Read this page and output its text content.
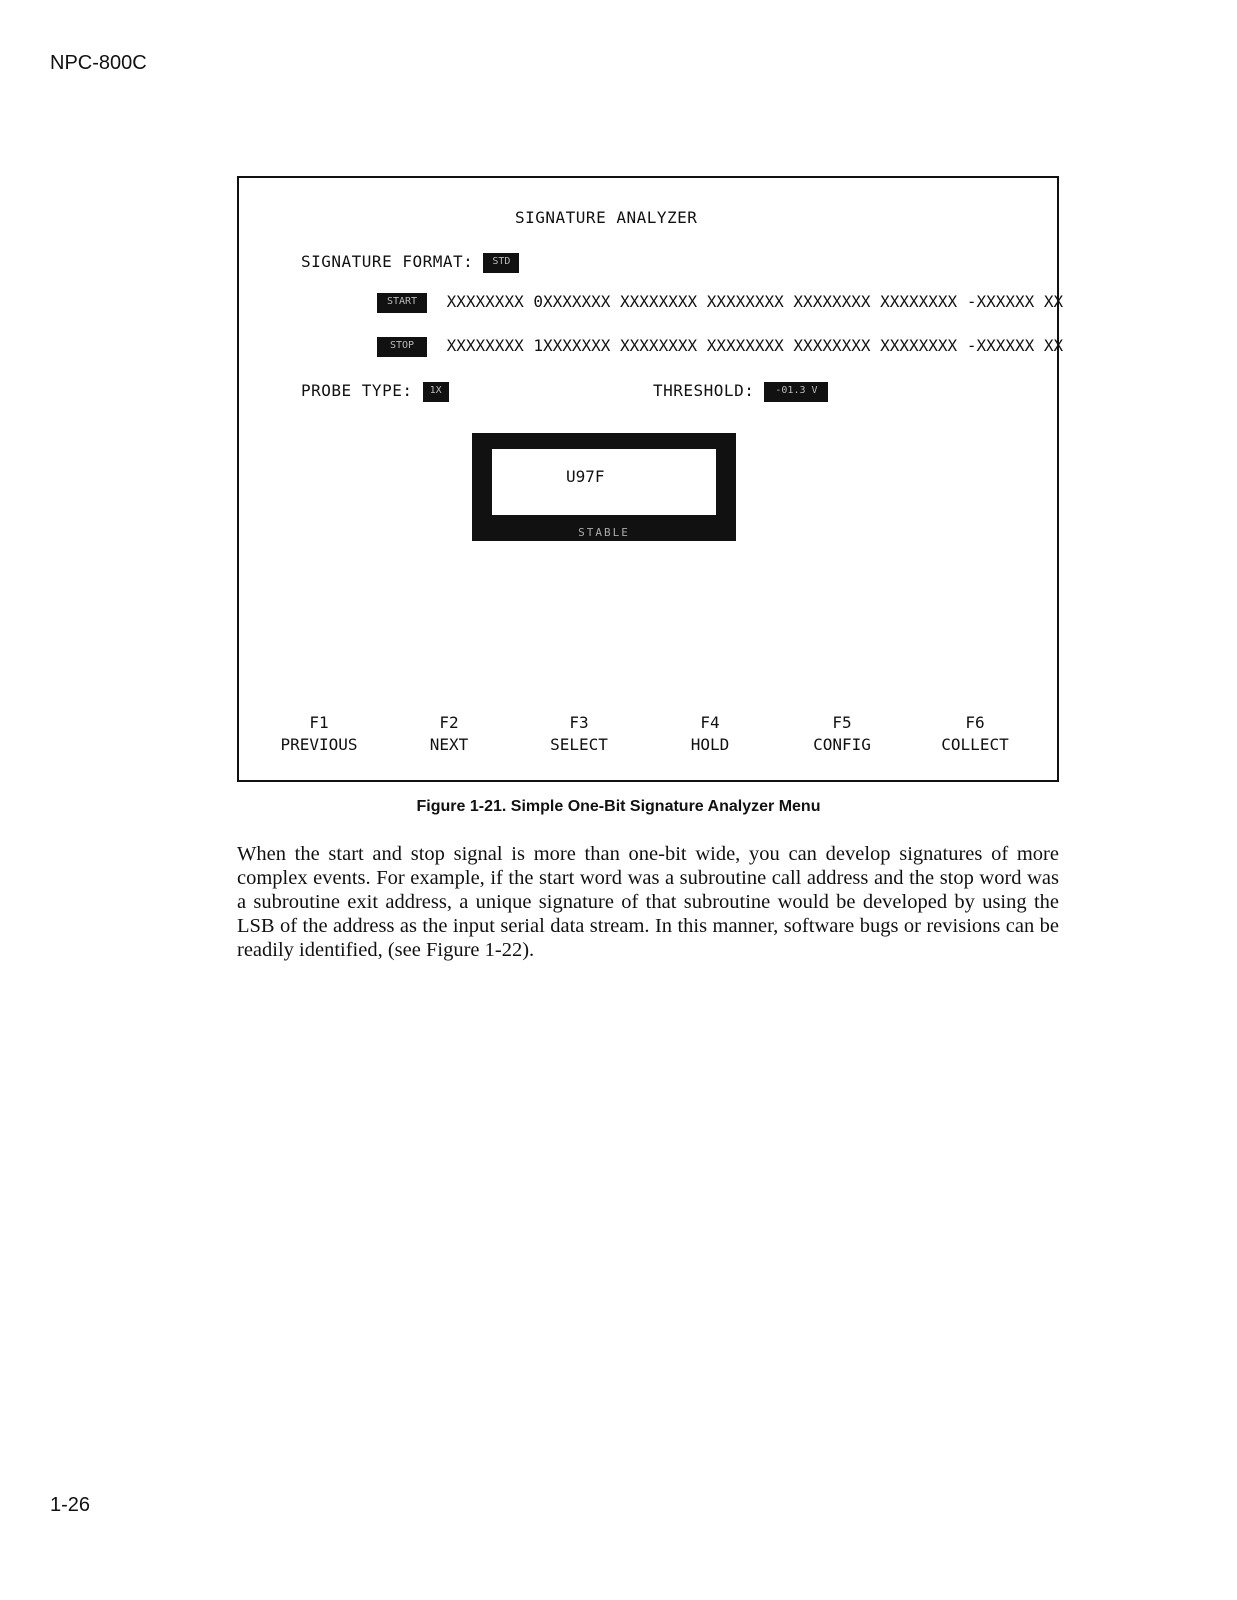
NPC-800C
SIGNATURE ANALYZER
SIGNATURE FORMAT: STD
START XXXXXXXX 0XXXXXXX XXXXXXXX XXXXXXXX XXXXXXXX XXXXXXXX -XXXXXX XX
STOP XXXXXXXX 1XXXXXXX XXXXXXXX XXXXXXXX XXXXXXXX XXXXXXXX -XXXXXX XX
PROBE TYPE: 1X	THRESHOLD: -01.3 V
U97F
STABLE
F1
PREVIOUS
F2
NEXT
F3
SELECT
F4
HOLD
F5
CONFIG
F6
COLLECT
Figure 1-21. Simple One-Bit Signature Analyzer Menu
When the start and stop signal is more than one-bit wide, you can develop signatures of more complex events. For example, if the start word was a subroutine call address and the stop word was a subroutine exit address, a unique signature of that subroutine would be developed by using the LSB of the address as the input serial data stream. In this manner, software bugs or revisions can be readily identified, (see Figure 1-22).
1-26
